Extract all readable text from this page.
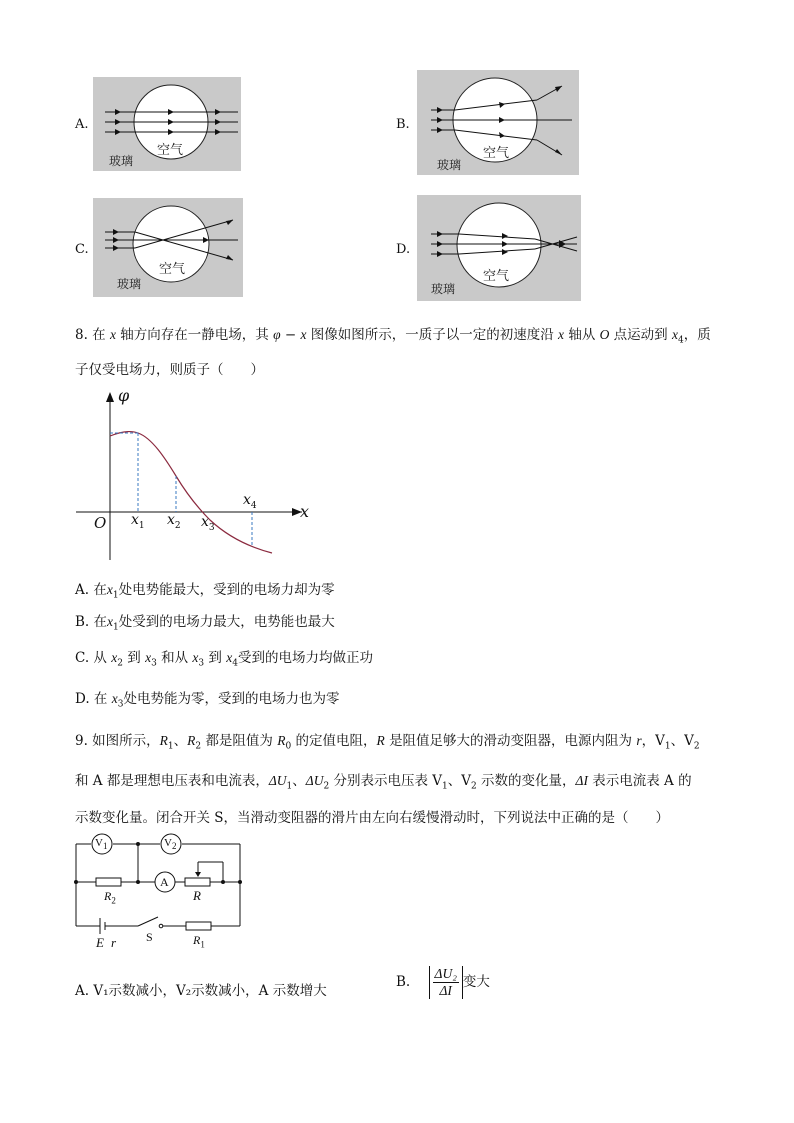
A.
空气
玻璃
B.
空气
玻璃
C.
空气
玻璃
D.
空气
玻璃
8. 在 x 轴方向存在一静电场，其 φ − x 图像如图所示，一质子以一定的初速度沿 x 轴从 O 点运动到 $x_4$，质
子仅受电场力，则质子（　　）
φ
x
O $x_1$ $x_2$ $x_3$
$x_4$
A. 在$x_1$处电势能最大，受到的电场力却为零
B. 在$x_1$处受到的电场力最大，电势能也最大
C. 从 $x_2$ 到 $x_3$ 和从 $x_3$ 到 $x_4$受到的电场力均做正功
D. 在 $x_3$处电势能为零，受到的电场力也为零
9. 如图所示，$R_1$、$R_2$ 都是阻值为 $R_0$ 的定值电阻，R 是阻值足够大的滑动变阻器，电源内阻为 r，$V_1$、$V_2$
和 A 都是理想电压表和电流表，$\Delta U_1$、$\Delta U_2$ 分别表示电压表 $V_1$、$V_2$ 示数的变化量，ΔI 表示电流表 A 的
示数变化量。闭合开关 S，当滑动变阻器的滑片由左向右缓慢滑动时，下列说法中正确的是（　　）
$V_1$	$V_2$
A
R
$R_2$
$R_1$
E r S
A. V₁示数减小，V₂示数减小，A 示数增大
B. $\frac{\text{ΔU₂}}{\Delta I}$ 变大
